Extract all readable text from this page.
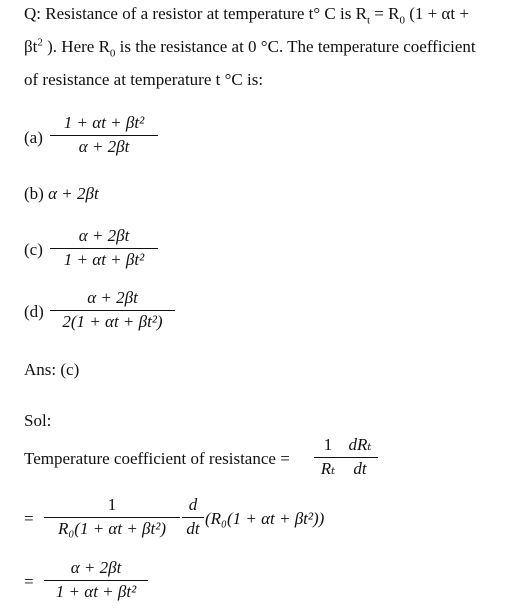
Q: Resistance of a resistor at temperature t° C is $R_t = R_0$ (1 + αt +
$\beta t^2$ ). Here $R_0$ is the resistance at 0 °C. The temperature coefficient
of resistance at temperature t °C is:
(a)
1 + αt + βt²
α + 2βt
(b) α + 2βt
(c)
α + 2βt
1 + αt + βt²
(d)
α + 2βt
2(1 + αt + βt²)
Ans: (c)
Sol:
Temperature coefficient of resistance =
1
Rₜ
dRₜ
dt
=
1
R₀(1 + αt + βt²)
d
dt
(R₀(1 + αt + βt²))
=
α + 2βt
1 + αt + βt²
